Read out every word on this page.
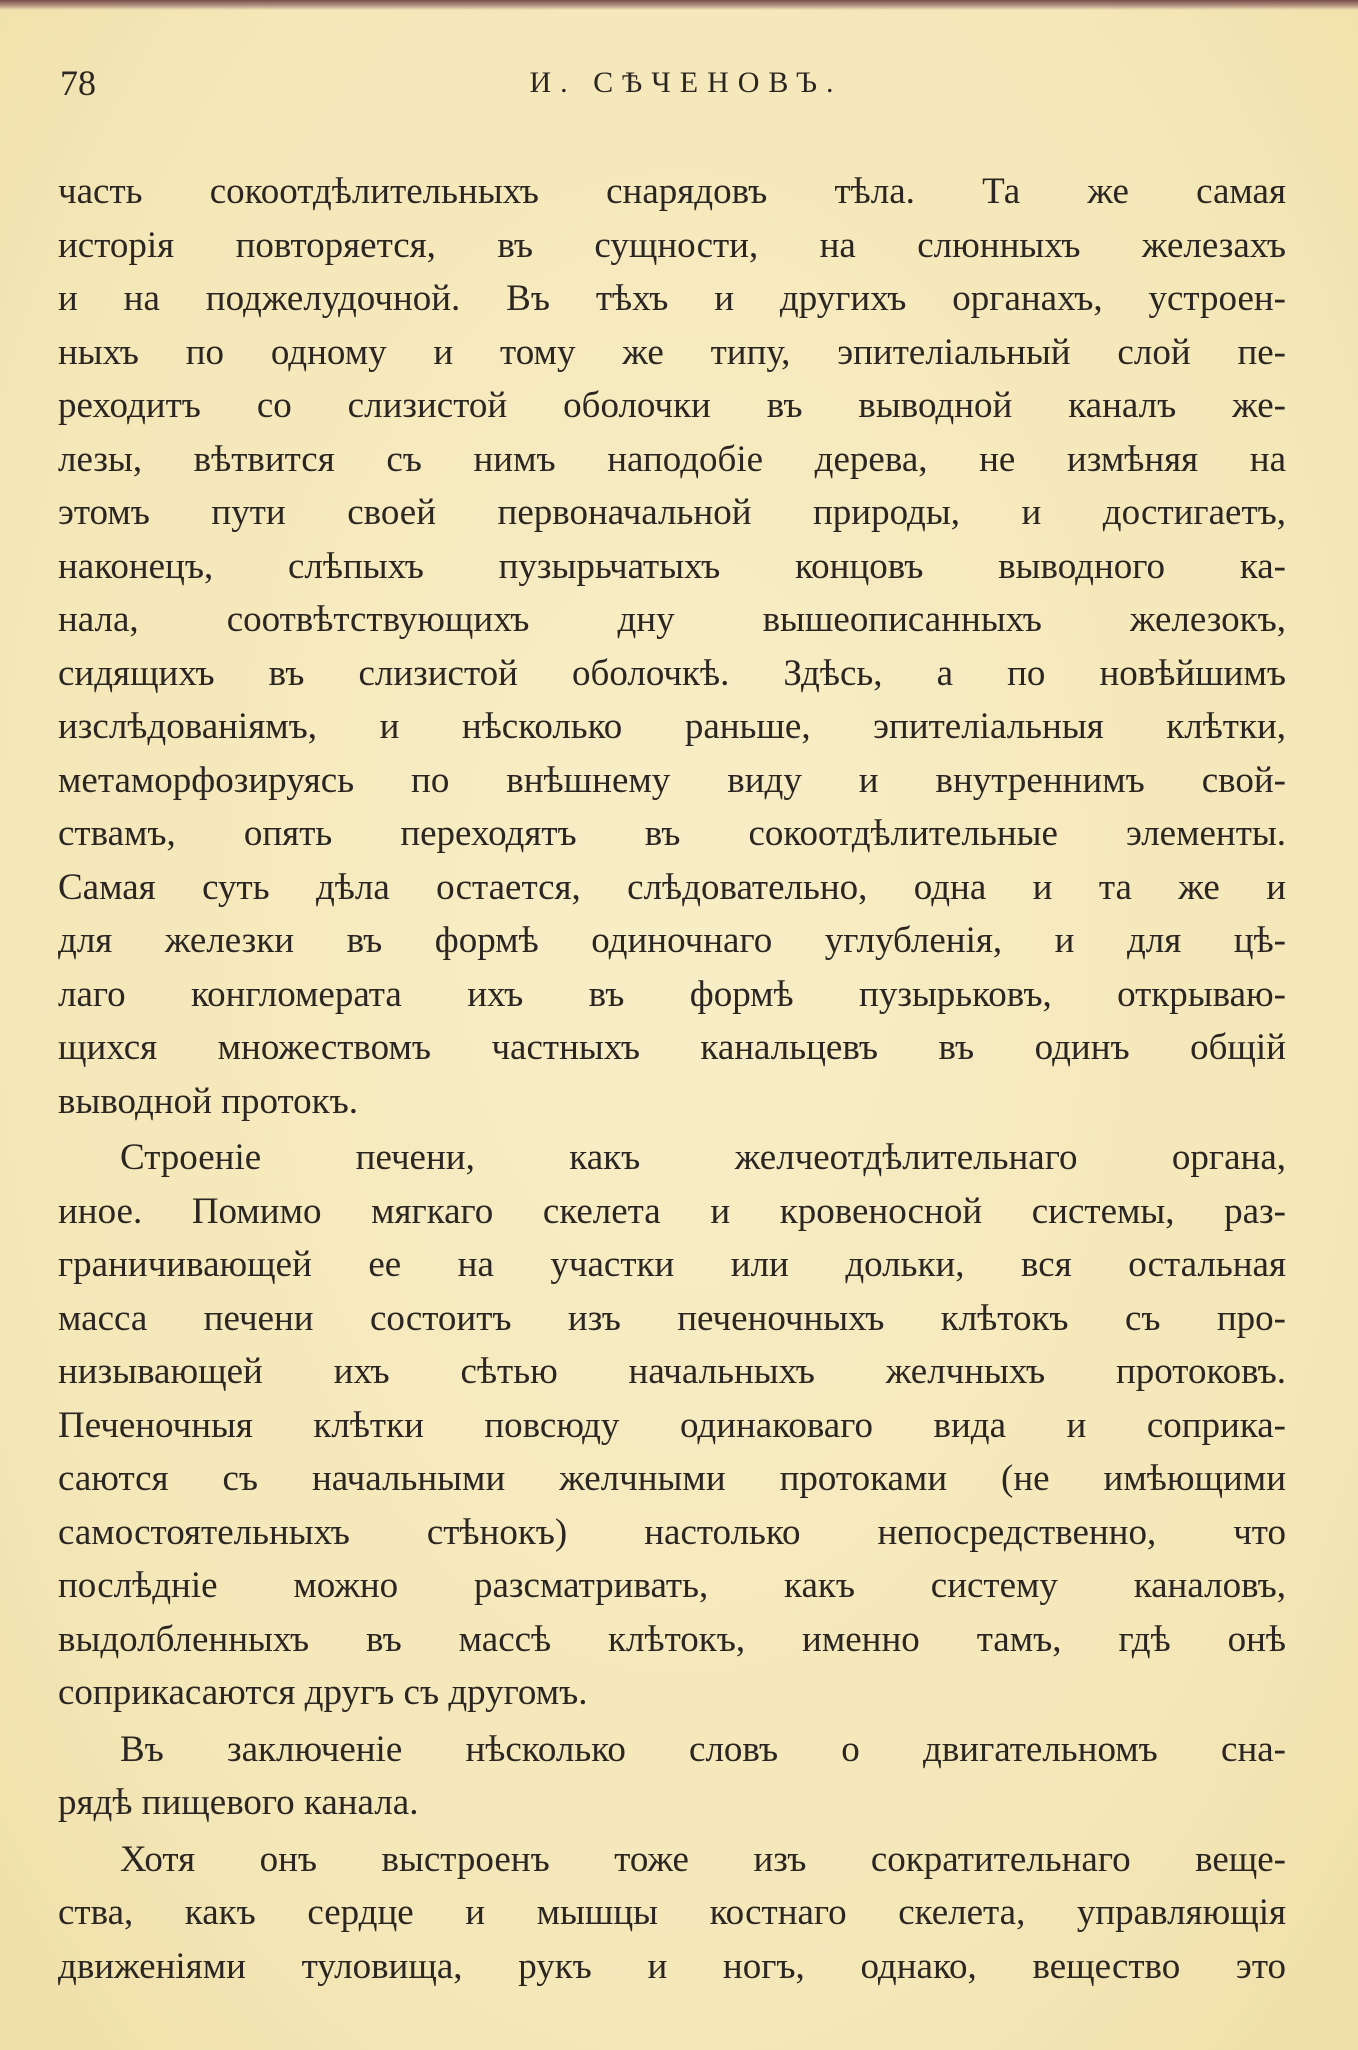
78	И. СѢЧЕНОВЪ.
часть сокоотдѣлительныхъ снарядовъ тѣла. Та же самая
исторія повторяется, въ сущности, на слюнныхъ железахъ
и на поджелудочной. Въ тѣхъ и другихъ органахъ, устроен-
ныхъ по одному и тому же типу, эпителіальный слой пе-
реходитъ со слизистой оболочки въ выводной каналъ же-
лезы, вѣтвится съ нимъ наподобіе дерева, не измѣняя на
этомъ пути своей первоначальной природы, и достигаетъ,
наконецъ, слѣпыхъ пузырьчатыхъ концовъ выводного ка-
нала, соотвѣтствующихъ дну вышеописанныхъ железокъ,
сидящихъ въ слизистой оболочкѣ. Здѣсь, а по новѣйшимъ
изслѣдованіямъ, и нѣсколько раньше, эпителіальныя клѣтки,
метаморфозируясь по внѣшнему виду и внутреннимъ свой-
ствамъ, опять переходятъ въ сокоотдѣлительные элементы.
Самая суть дѣла остается, слѣдовательно, одна и та же и
для железки въ формѣ одиночнаго углубленія, и для цѣ-
лаго конгломерата ихъ въ формѣ пузырьковъ, открываю-
щихся множествомъ частныхъ канальцевъ въ одинъ общій
выводной протокъ.
Строеніе печени, какъ желчеотдѣлительнаго органа,
иное. Помимо мягкаго скелета и кровеносной системы, раз-
граничивающей ее на участки или дольки, вся остальная
масса печени состоитъ изъ печеночныхъ клѣтокъ съ про-
низывающей ихъ сѣтью начальныхъ желчныхъ протоковъ.
Печеночныя клѣтки повсюду одинаковаго вида и соприка-
саются съ начальными желчными протоками (не имѣющими
самостоятельныхъ стѣнокъ) настолько непосредственно, что
послѣдніе можно разсматривать, какъ систему каналовъ,
выдолбленныхъ въ массѣ клѣтокъ, именно тамъ, гдѣ онѣ
соприкасаются другъ съ другомъ.
Въ заключеніе нѣсколько словъ о двигательномъ сна-
рядѣ пищевого канала.
Хотя онъ выстроенъ тоже изъ сократительнаго веще-
ства, какъ сердце и мышцы костнаго скелета, управляющія
движеніями туловища, рукъ и ногъ, однако, вещество это
